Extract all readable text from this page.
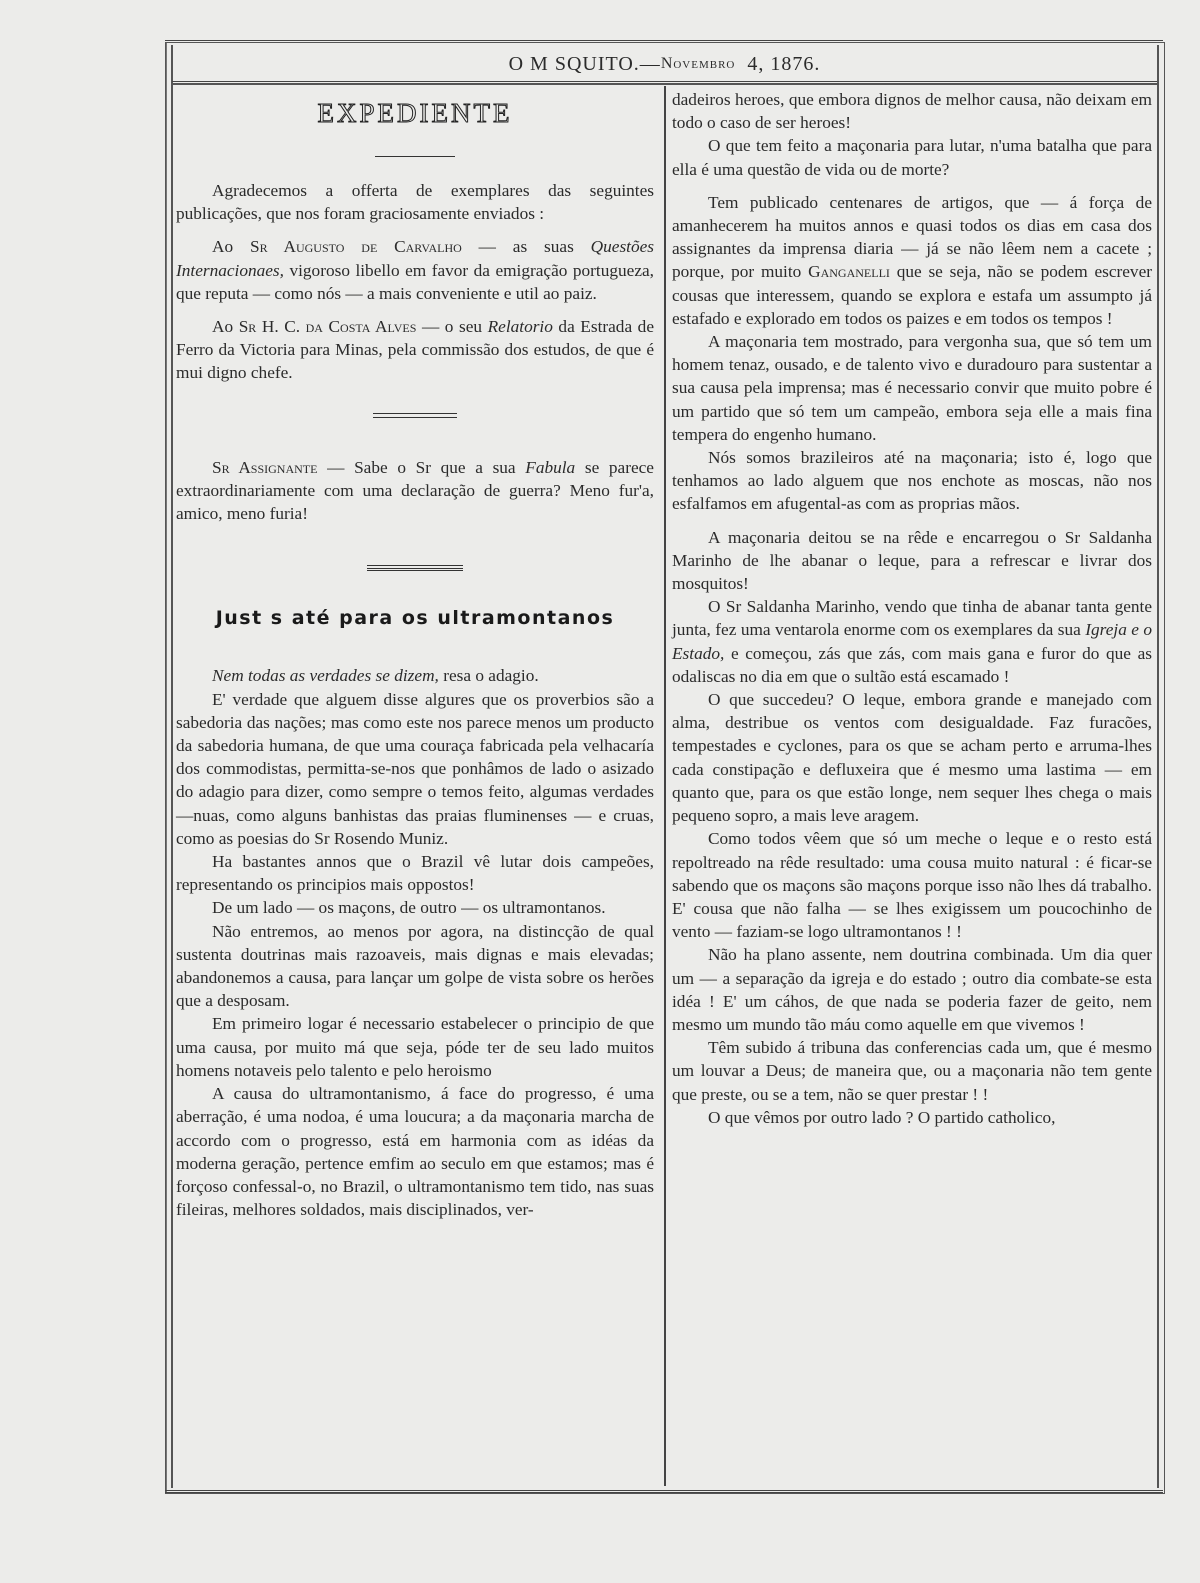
O M SQUITO.— Novembro
4, 1876.
EXPEDIENTE

Agradecemos a offerta de exemplares das seguintes publicações, que nos foram graciosamente enviados :

Ao Sr Augusto de Carvalho — as suas Questões Internacionaes, vigoroso libello em favor da emigração portugueza, que reputa — como nós — a mais conveniente e util ao paiz.

Ao Sr H. C. da Costa Alves — o seu Relatorio da Estrada de Ferro da Victoria para Minas, pela commissão dos estudos, de que é mui digno chefe.

Sr Assignante — Sabe o Sr que a sua Fabula se parece extraordinariamente com uma declaração de guerra? Meno fur'a, amico, meno furia!

Just s até para os ultramontanos

Nem todas as verdades se dizem, resa o adagio.

E' verdade que alguem disse algures que os proverbios são a sabedoria das nações; mas como este nos parece menos um producto da sabedoria humana, de que uma couraça fabricada pela velhacaría dos commodistas, permitta-se-nos que ponhâmos de lado o asizado do adagio para dizer, como sempre o temos feito, algumas verdades —nuas, como alguns banhistas das praias fluminenses — e cruas, como as poesias do Sr Rosendo Muniz.

Ha bastantes annos que o Brazil vê lutar dois campeões, representando os principios mais oppostos!

De um lado — os maçons, de outro — os ultramontanos.

Não entremos, ao menos por agora, na distincção de qual sustenta doutrinas mais razoaveis, mais dignas e mais elevadas; abandonemos a causa, para lançar um golpe de vista sobre os herões que a desposam.

Em primeiro logar é necessario estabelecer o principio de que uma causa, por muito má que seja, póde ter de seu lado muitos homens notaveis pelo talento e pelo heroismo

A causa do ultramontanismo, á face do progresso, é uma aberração, é uma nodoa, é uma loucura; a da maçonaria marcha de accordo com o progresso, está em harmonia com as idéas da moderna geração, pertence emfim ao seculo em que estamos; mas é forçoso confessal-o, no Brazil, o ultramontanismo tem tido, nas suas fileiras, melhores soldados, mais disciplinados, ver-

dadeiros heroes, que embora dignos de melhor causa, não deixam em todo o caso de ser heroes!

O que tem feito a maçonaria para lutar, n'uma batalha que para ella é uma questão de vida ou de morte?

Tem publicado centenares de artigos, que — á força de amanhecerem ha muitos annos e quasi todos os dias em casa dos assignantes da imprensa diaria — já se não lêem nem a cacete ; porque, por muito Ganganelli que se seja, não se podem escrever cousas que interessem, quando se explora e estafa um assumpto já estafado e explorado em todos os paizes e em todos os tempos !

A maçonaria tem mostrado, para vergonha sua, que só tem um homem tenaz, ousado, e de talento vivo e duradouro para sustentar a sua causa pela imprensa; mas é necessario convir que muito pobre é um partido que só tem um campeão, embora seja elle a mais fina tempera do engenho humano.

Nós somos brazileiros até na maçonaria; isto é, logo que tenhamos ao lado alguem que nos enchote as moscas, não nos esfalfamos em afugental-as com as proprias mãos.

A maçonaria deitou se na rêde e encarregou o Sr Saldanha Marinho de lhe abanar o leque, para a refrescar e livrar dos mosquitos!

O Sr Saldanha Marinho, vendo que tinha de abanar tanta gente junta, fez uma ventarola enorme com os exemplares da sua Igreja e o Estado, e começou, zás que zás, com mais gana e furor do que as odaliscas no dia em que o sultão está escamado !

O que succedeu? O leque, embora grande e manejado com alma, destribue os ventos com desigualdade. Faz furacões, tempestades e cyclones, para os que se acham perto e arruma-lhes cada constipação e defluxeira que é mesmo uma lastima — em quanto que, para os que estão longe, nem sequer lhes chega o mais pequeno sopro, a mais leve aragem.

Como todos vêem que só um meche o leque e o resto está repoltreado na rêde resultado: uma cousa muito natural : é ficar-se sabendo que os maçons são maçons porque isso não lhes dá trabalho. E' cousa que não falha — se lhes exigissem um poucochinho de vento — faziam-se logo ultramontanos ! !

Não ha plano assente, nem doutrina combinada. Um dia quer um — a separação da igreja e do estado ; outro dia combate-se esta idéa ! E' um cáhos, de que nada se poderia fazer de geito, nem mesmo um mundo tão máu como aquelle em que vivemos !

Têm subido á tribuna das conferencias cada um, que é mesmo um louvar a Deus; de maneira que, ou a maçonaria não tem gente que preste, ou se a tem, não se quer prestar ! !

O que vêmos por outro lado ? O partido catholico,
